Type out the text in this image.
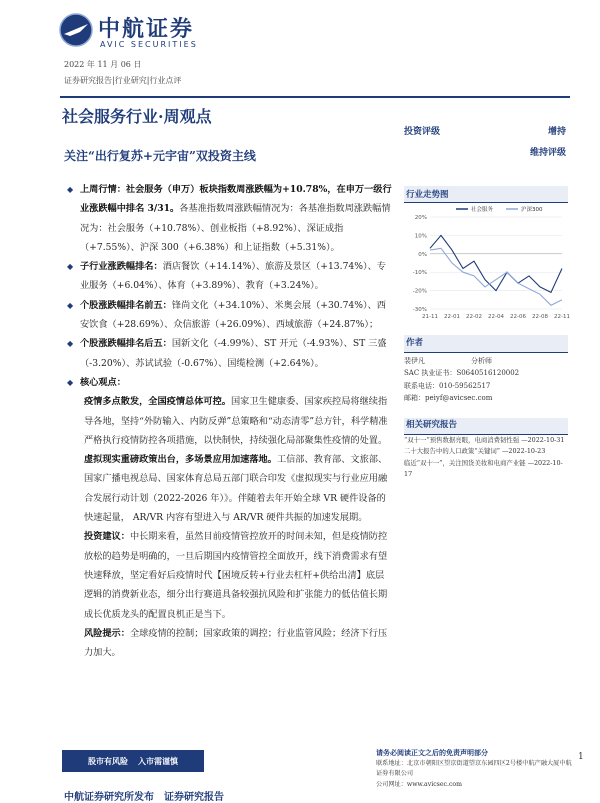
中航证券
AVIC SECURITIES
2022 年 11 月 06 日
证券研究报告|行业研究|行业点评
社会服务行业·周观点
关注“出行复苏+元宇宙”双投资主线

◆ 上周行情：社会服务（申万）板块指数周涨跌幅为+10.78%，在申万一级行业涨跌幅中排名 3/31。各基准指数周涨跌幅情况为：各基准指数周涨跌幅情况为：社会服务（+10.78%）、创业板指（+8.92%）、深证成指（+7.55%）、沪深 300（+6.38%）和上证指数（+5.31%）。

◆ 子行业涨跌幅排名：酒店餐饮（+14.14%）、旅游及景区（+13.74%）、专业服务（+6.04%）、体育（+3.89%）、教育（+3.24%）。

◆ 个股涨跌幅排名前五：锋尚文化（+34.10%）、米奥会展（+30.74%）、西安饮食（+28.69%）、众信旅游（+26.09%）、西域旅游（+24.87%）；

◆ 个股涨跌幅排名后五：国新文化（-4.99%）、ST 开元（-4.93%）、ST 三盛（-3.20%）、苏试试验（-0.67%）、国缆检测（+2.64%）。

◆ 核心观点：

疫情多点散发，全国疫情总体可控。国家卫生健康委、国家疾控局将继续指导各地，坚持“外防输入、内防反弹”总策略和“动态清零”总方针，科学精准严格执行疫情防控各项措施，以快制快，持续强化局部聚集性疫情的处置。

虚拟现实重磅政策出台，多场景应用加速落地。工信部、教育部、文旅部、国家广播电视总局、国家体育总局五部门联合印发《虚拟现实与行业应用融合发展行动计划（2022-2026 年）》。伴随着去年开始全球 VR 硬件设备的快速起量， AR/VR 内容有望进入与 AR/VR 硬件共振的加速发展期。

投资建议：中长期来看，虽然目前疫情管控放开的时间未知，但是疫情防控放松的趋势是明确的，一旦后期国内疫情管控全面放开，线下消费需求有望快速释放，坚定看好后疫情时代【困境反转+行业去杠杆+供给出清】底层逻辑的消费新业态，细分出行赛道具备较强抗风险和扩张能力的低估值长期成长优质龙头的配置良机正是当下。

风险提示：全球疫情的控制；国家政策的调控；行业监管风险；经济下行压力加大。

投资评级	增持
维持评级
行业走势图
20%
10%
0%
-10%
-20%
-30%
21-11 22-01 22-02 22-04 22-06 22-08 22-11
社会服务	沪深300
作者
裴伊凡	分析师
SAC 执业证书：S0640516120002
联系电话：010-59562517
邮箱：peiyf@avicsec.com
相关研究报告
“双十一”预售数据亮眼，电商消费韧性强 —2022-10-31
二十大报告中的人口政策“关键词” —2022-10-23
临近“双十一”，关注国货美妆和电商产业链 —2022-10-17
股市有风险 入市需谨慎
请务必阅读正文之后的免责声明部分
联系地址：北京市朝阳区望京街道望京东园四区2号楼中航产融大厦中航证券有限公司
公司网址：www.avicsec.com
1
中航证券研究所发布　证券研究报告
